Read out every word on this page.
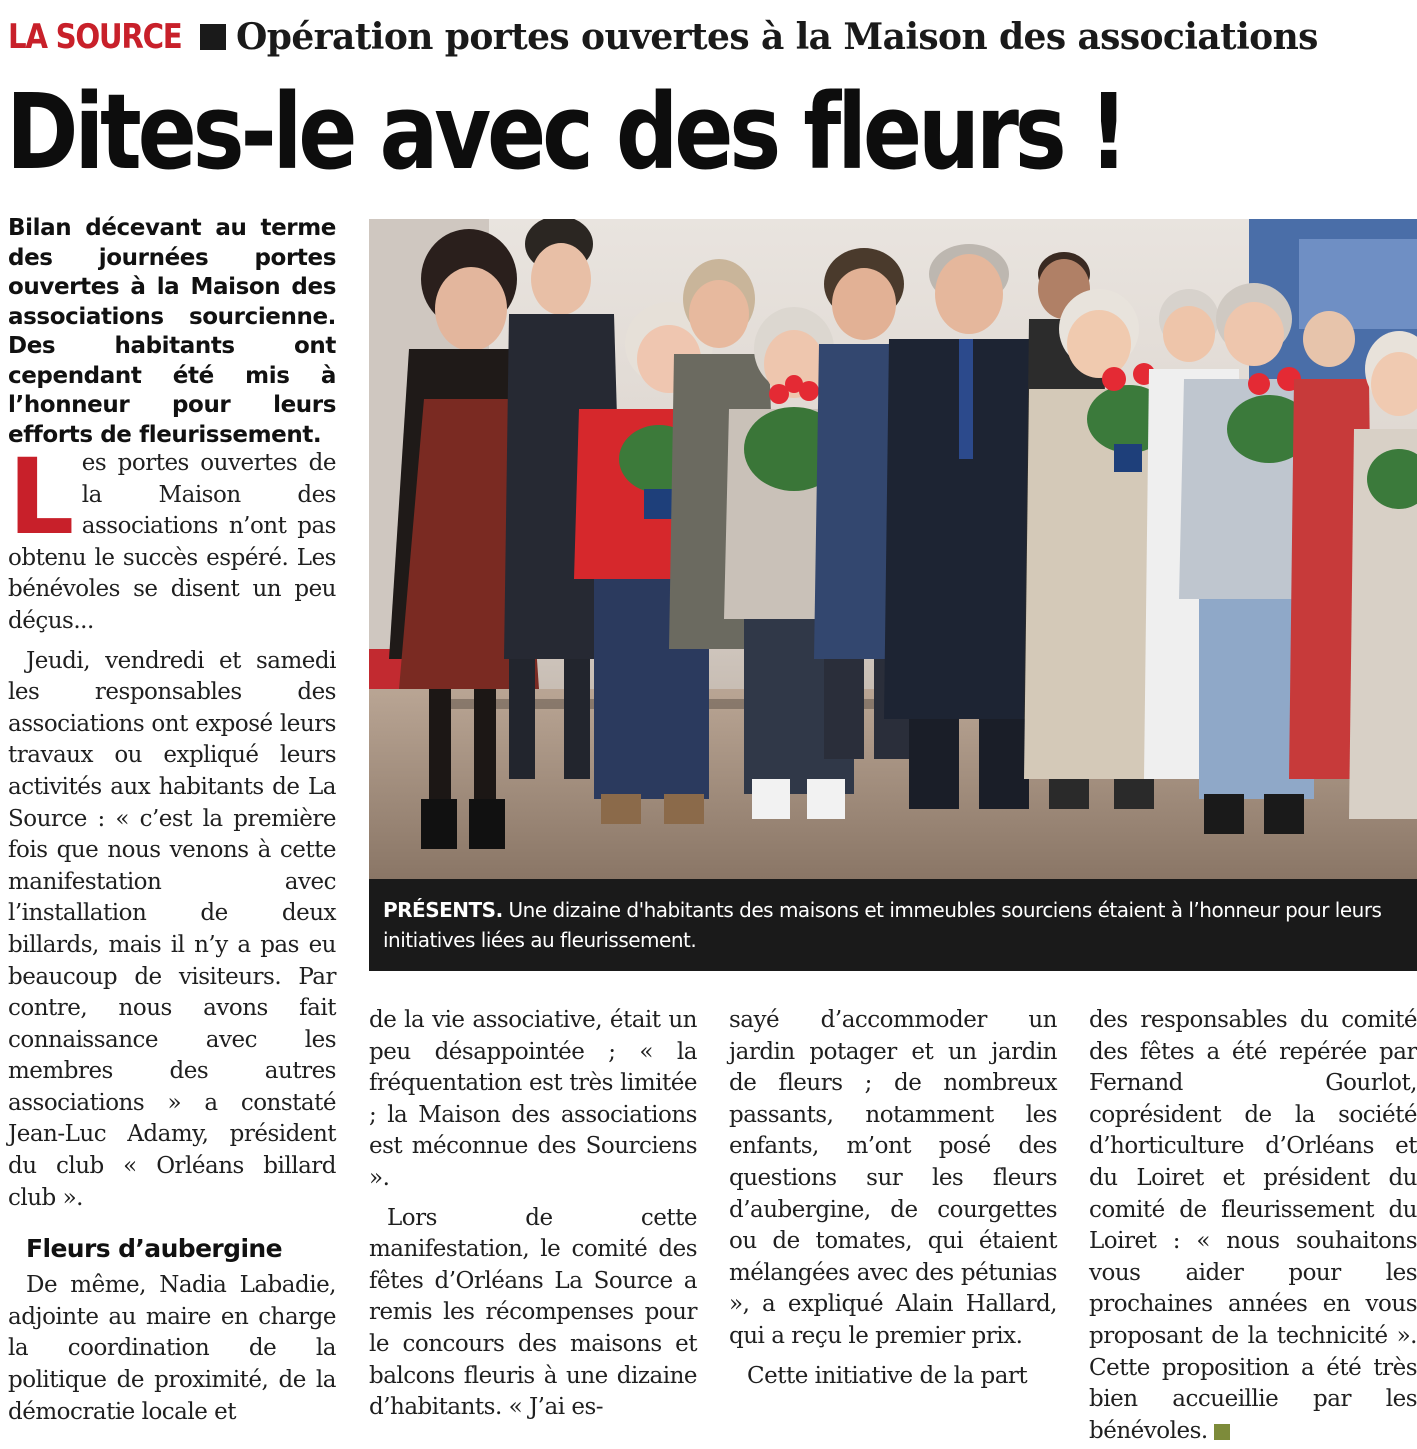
LA SOURCE Opération portes ouvertes à la Maison des associations
Dites-le avec des fleurs !
Bilan décevant au terme des journées portes ouvertes à la Maison des associations sourcienne. Des habitants ont cependant été mis à l’honneur pour leurs efforts de fleurissement.

PRÉSENTS. Une dizaine d'habitants des maisons et immeubles sourciens étaient à l’honneur pour leurs initiatives liées au fleurissement.

Les portes ouvertes de la Maison des associations n’ont pas obtenu le succès espéré. Les bénévoles se disent un peu déçus...

Jeudi, vendredi et samedi les responsables des associations ont exposé leurs travaux ou expliqué leurs activités aux habitants de La Source : « c’est la première fois que nous venons à cette manifestation avec l’installation de deux billards, mais il n’y a pas eu beaucoup de visiteurs. Par contre, nous avons fait connaissance avec les membres des autres associations » a constaté Jean-Luc Adamy, président du club « Orléans billard club ».

Fleurs d’aubergine

De même, Nadia Labadie, adjointe au maire en charge la coordination de la politique de proximité, de la démocratie locale et

de la vie associative, était un peu désappointée ; « la fréquentation est très limitée ; la Maison des associations est méconnue des Sourciens ».

Lors de cette manifestation, le comité des fêtes d’Orléans La Source a remis les récompenses pour le concours des maisons et balcons fleuris à une dizaine d’habitants. « J’ai es-

sayé d’accommoder un jardin potager et un jardin de fleurs ; de nombreux passants, notamment les enfants, m’ont posé des questions sur les fleurs d’aubergine, de courgettes ou de tomates, qui étaient mélangées avec des pétunias », a expliqué Alain Hallard, qui a reçu le premier prix.

Cette initiative de la part

des responsables du comité des fêtes a été repérée par Fernand Gourlot, coprésident de la société d’horticulture d’Orléans et du Loiret et président du comité de fleurissement du Loiret : « nous souhaitons vous aider pour les prochaines années en vous proposant de la technicité ». Cette proposition a été très bien accueillie par les bénévoles.
